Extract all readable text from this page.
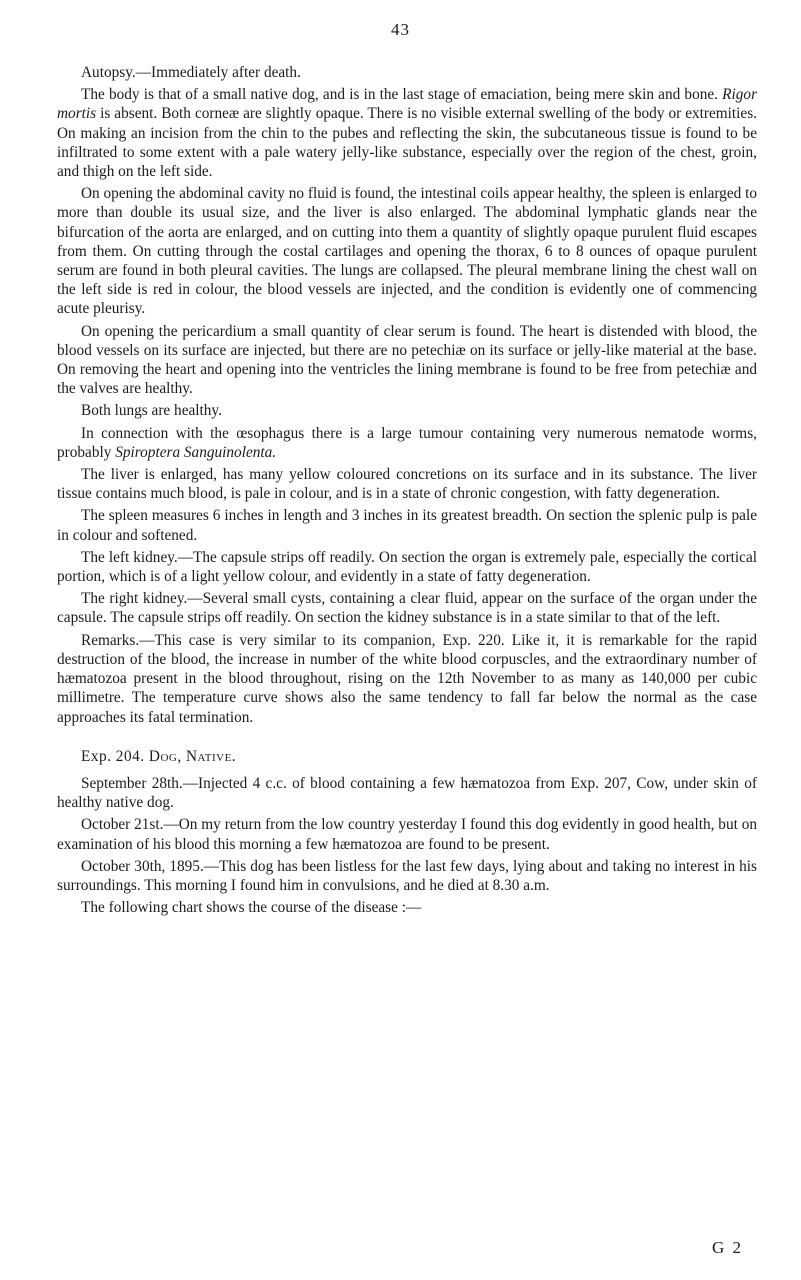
43

Autopsy.—Immediately after death.

The body is that of a small native dog, and is in the last stage of emaciation, being mere skin and bone. Rigor mortis is absent. Both corneæ are slightly opaque. There is no visible external swelling of the body or extremities. On making an incision from the chin to the pubes and reflecting the skin, the subcutaneous tissue is found to be infiltrated to some extent with a pale watery jelly-like substance, especially over the region of the chest, groin, and thigh on the left side.

On opening the abdominal cavity no fluid is found, the intestinal coils appear healthy, the spleen is enlarged to more than double its usual size, and the liver is also enlarged. The abdominal lymphatic glands near the bifurcation of the aorta are enlarged, and on cutting into them a quantity of slightly opaque purulent fluid escapes from them. On cutting through the costal cartilages and opening the thorax, 6 to 8 ounces of opaque purulent serum are found in both pleural cavities. The lungs are collapsed. The pleural membrane lining the chest wall on the left side is red in colour, the blood vessels are injected, and the condition is evidently one of commencing acute pleurisy.

On opening the pericardium a small quantity of clear serum is found. The heart is distended with blood, the blood vessels on its surface are injected, but there are no petechiæ on its surface or jelly-like material at the base. On removing the heart and opening into the ventricles the lining membrane is found to be free from petechiæ and the valves are healthy.

Both lungs are healthy.

In connection with the œsophagus there is a large tumour containing very numerous nematode worms, probably Spiroptera Sanguinolenta.

The liver is enlarged, has many yellow coloured concretions on its surface and in its substance. The liver tissue contains much blood, is pale in colour, and is in a state of chronic congestion, with fatty degeneration.

The spleen measures 6 inches in length and 3 inches in its greatest breadth. On section the splenic pulp is pale in colour and softened.

The left kidney.—The capsule strips off readily. On section the organ is extremely pale, especially the cortical portion, which is of a light yellow colour, and evidently in a state of fatty degeneration.

The right kidney.—Several small cysts, containing a clear fluid, appear on the surface of the organ under the capsule. The capsule strips off readily. On section the kidney substance is in a state similar to that of the left.

Remarks.—This case is very similar to its companion, Exp. 220. Like it, it is remarkable for the rapid destruction of the blood, the increase in number of the white blood corpuscles, and the extraordinary number of hæmatozoa present in the blood throughout, rising on the 12th November to as many as 140,000 per cubic millimetre. The temperature curve shows also the same tendency to fall far below the normal as the case approaches its fatal termination.

Exp. 204. Dog, Native.

September 28th.—Injected 4 c.c. of blood containing a few hæmatozoa from Exp. 207, Cow, under skin of healthy native dog.

October 21st.—On my return from the low country yesterday I found this dog evidently in good health, but on examination of his blood this morning a few hæmatozoa are found to be present.

October 30th, 1895.—This dog has been listless for the last few days, lying about and taking no interest in his surroundings. This morning I found him in convulsions, and he died at 8.30 a.m.

The following chart shows the course of the disease :—

G 2
